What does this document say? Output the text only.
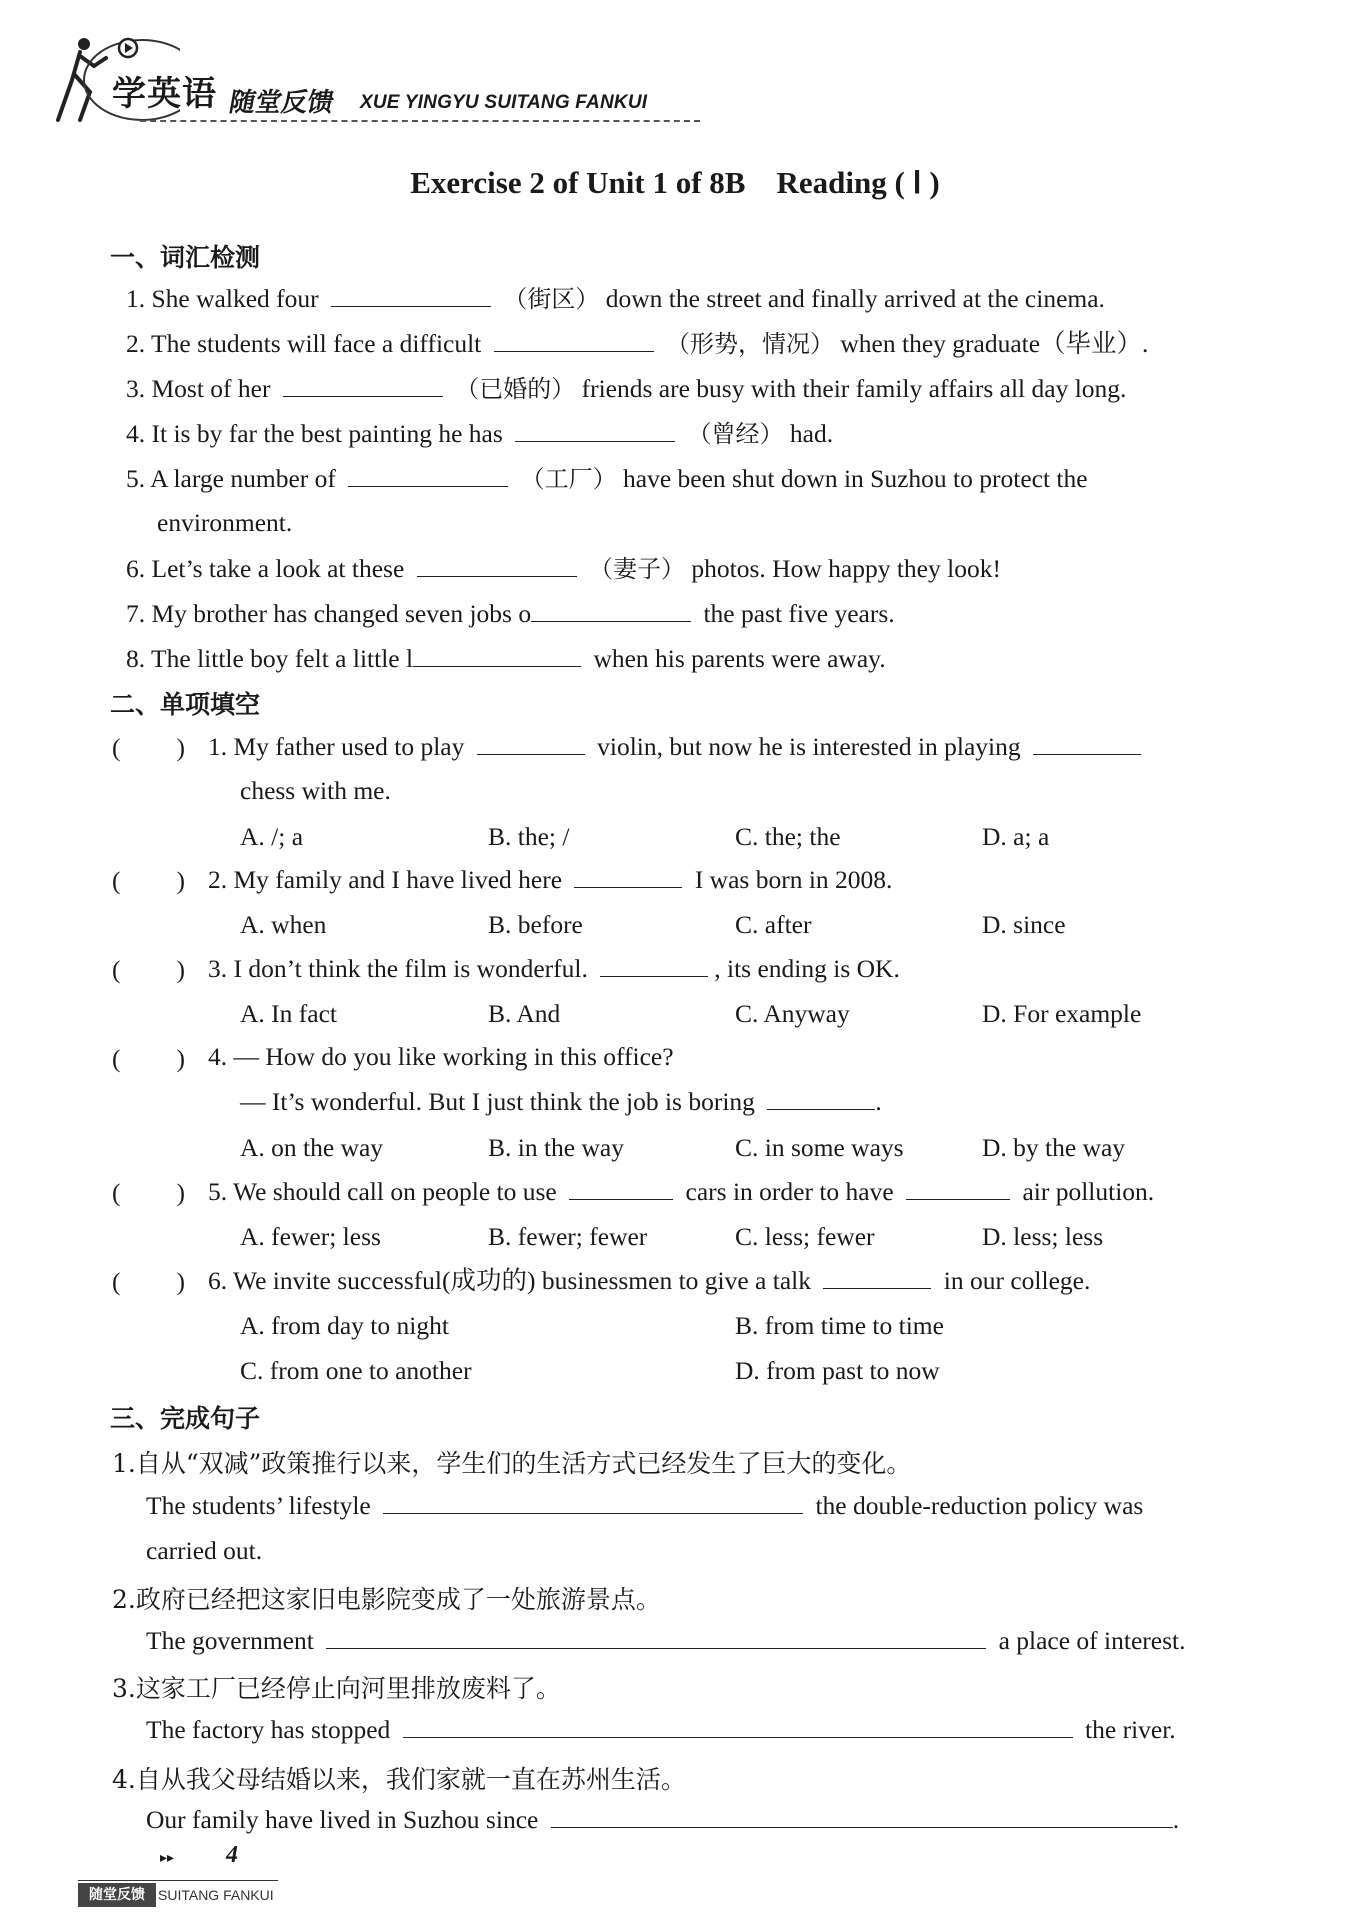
学英语 随堂反馈 XUE YINGYU SUITANG FANKUI
Exercise 2 of Unit 1 of 8B    Reading ( Ⅰ )
一、词汇检测
1. She walked four	（街区） down the street and finally arrived at the cinema.
2. The students will face a difficult	（形势，情况） when they graduate（毕业）.
3. Most of her	（已婚的） friends are busy with their family affairs all day long.
4. It is by far the best painting he has	（曾经） had.
5. A large number of	（工厂） have been shut down in Suzhou to protect the
environment.
6. Let’s take a look at these	（妻子） photos. How happy they look!
7. My brother has changed seven jobs o	the past five years.
8. The little boy felt a little l	when his parents were away.
二、单项填空
( ) 1. My father used to play	violin, but now he is interested in playing
chess with me.
A. /; a	B. the; /	C. the; the	D. a; a
( ) 2. My family and I have lived here	I was born in 2008.
A. when	B. before	C. after	D. since
( ) 3. I don’t think the film is wonderful.	, its ending is OK.
A. In fact	B. And	C. Anyway	D. For example
( ) 4. — How do you like working in this office?
— It’s wonderful. But I just think the job is boring	.
A. on the way	B. in the way	C. in some ways	D. by the way
( ) 5. We should call on people to use	cars in order to have	air pollution.
A. fewer; less	B. fewer; fewer	C. less; fewer	D. less; less
( ) 6. We invite successful(成功的) businessmen to give a talk	in our college.
A. from day to night	B. from time to time
C. from one to another	D. from past to now
三、完成句子
1.自从“双减”政策推行以来，学生们的生活方式已经发生了巨大的变化。
The students’ lifestyle	the double-reduction policy was
carried out.
2.政府已经把这家旧电影院变成了一处旅游景点。
The government	a place of interest.
3.这家工厂已经停止向河里排放废料了。
The factory has stopped	the river.
4.自从我父母结婚以来，我们家就一直在苏州生活。
Our family have lived in Suzhou since	.
▸▸ 4
随堂反馈 SUITANG FANKUI
